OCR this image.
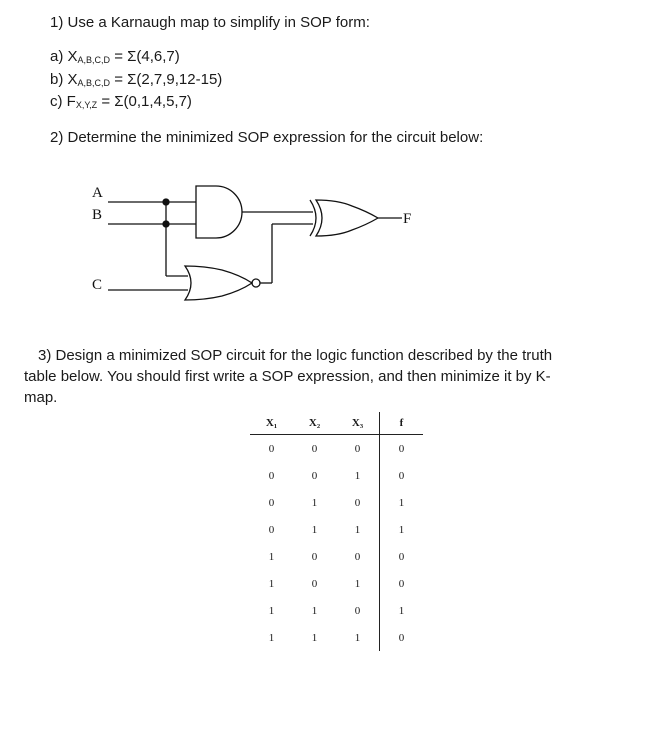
1) Use a Karnaugh map to simplify in SOP form:
a) $X_{A,B,C,D} = \Sigma(4,6,7)$
b) $X_{A,B,C,D} = \Sigma(2,7,9,12-15)$
c) $F_{X,Y,Z} = \Sigma(0,1,4,5,7)$
2) Determine the minimized SOP expression for the circuit below:
A
B
C
F
3) Design a minimized SOP circuit for the logic function described by the truth
table below. You should first write a SOP expression, and then minimize it by K-
map.
X₁	X₂	X₃	f
0	0	0	0
0	0	1	0
0	1	0	1
0	1	1	1
1	0	0	0
1	0	1	0
1	1	0	1
1	1	1	0
